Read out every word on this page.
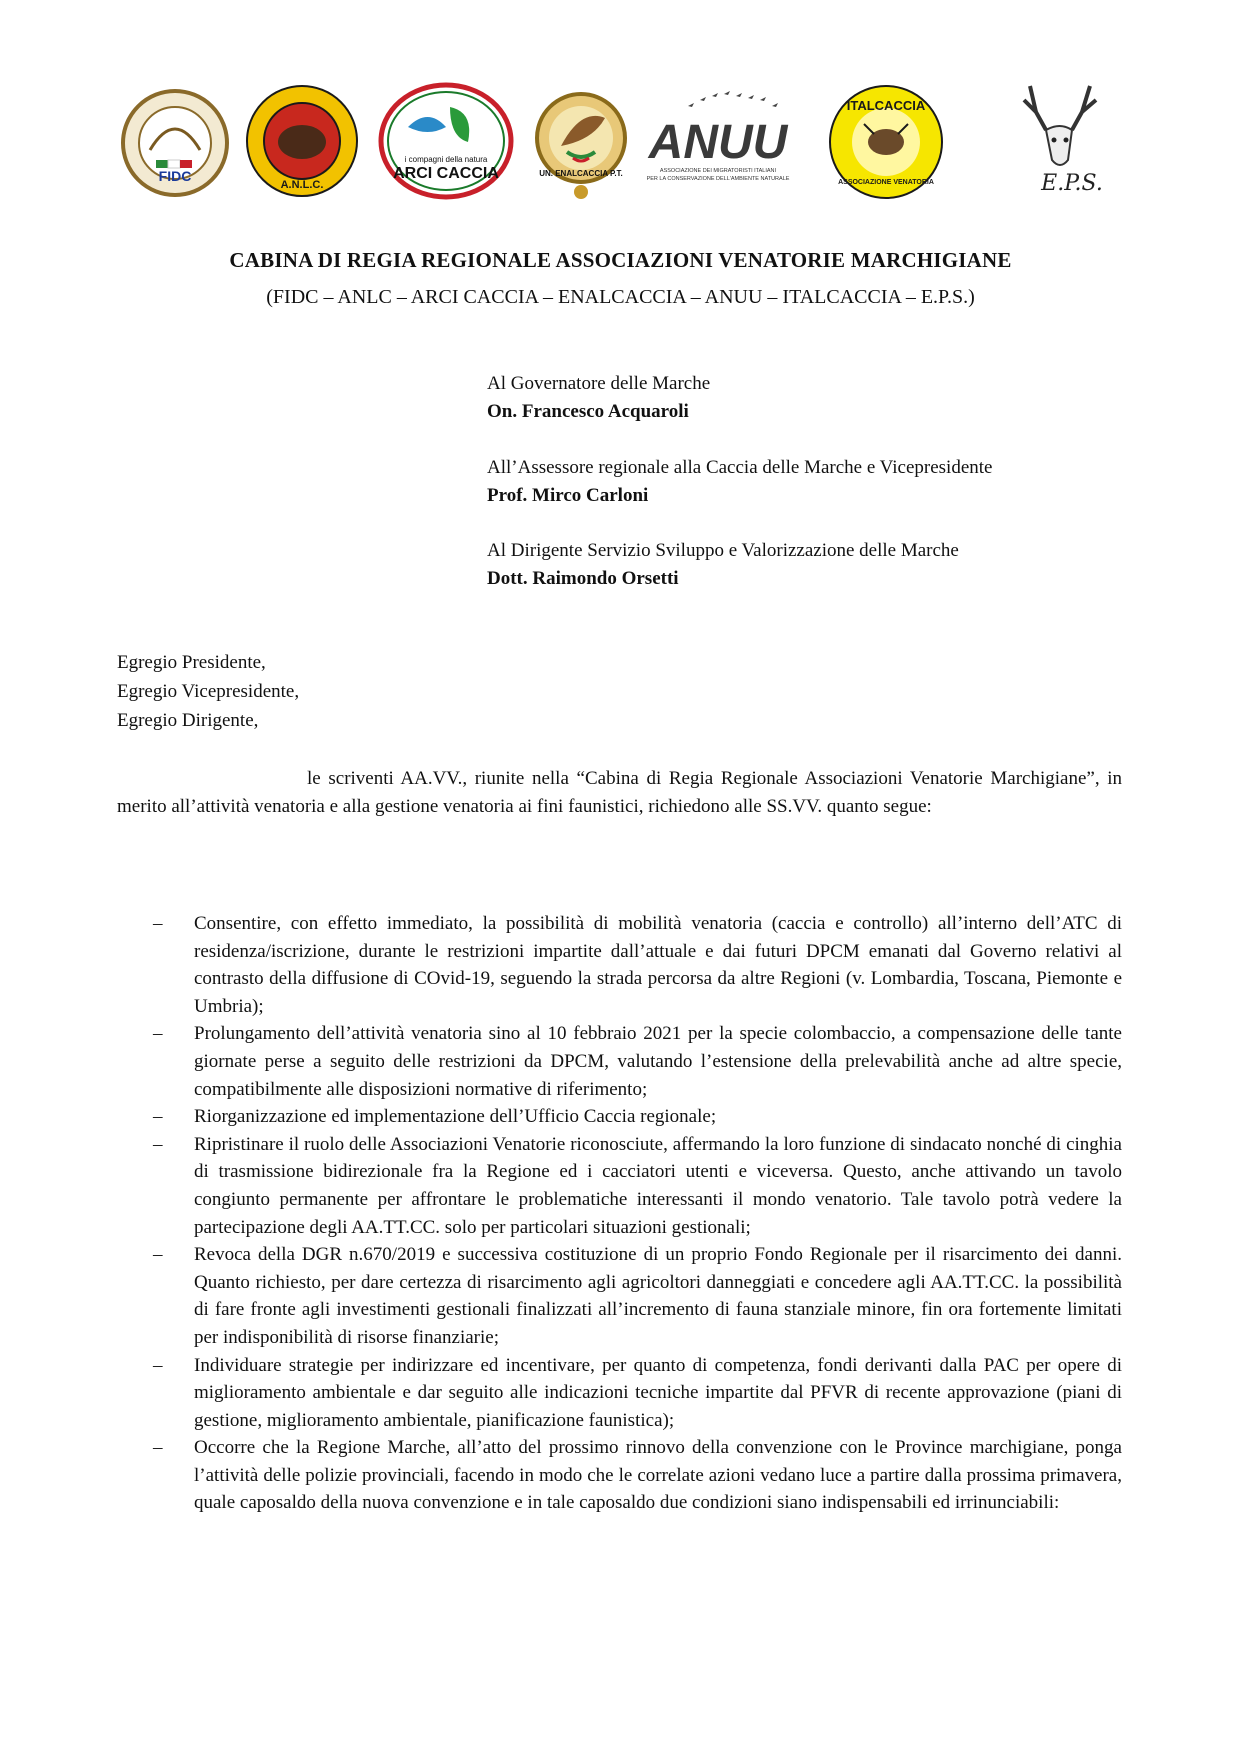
FIDC
A.N.L.C.
i compagni della natura
ARCI CACCIA	UN. ENALCACCIA P.T.
ANUU
ASSOCIAZIONE DEI MIGRATORISTI ITALIANI
PER LA CONSERVAZIONE DELL'AMBIENTE NATURALE
ITALCACCIA
ASSOCIAZIONE VENATORIA	E.P.S.
CABINA DI REGIA REGIONALE ASSOCIAZIONI VENATORIE MARCHIGIANE
(FIDC – ANLC – ARCI CACCIA – ENALCACCIA – ANUU – ITALCACCIA – E.P.S.)
Al Governatore delle Marche
On. Francesco Acquaroli
All’Assessore regionale alla Caccia delle Marche e Vicepresidente
Prof. Mirco Carloni
Al Dirigente Servizio Sviluppo e Valorizzazione delle Marche
Dott. Raimondo Orsetti
Egregio Presidente,
Egregio Vicepresidente,
Egregio Dirigente,
le scriventi AA.VV., riunite nella “Cabina di Regia Regionale Associazioni Venatorie Marchigiane”, in merito all’attività venatoria e alla gestione venatoria ai fini faunistici, richiedono alle SS.VV. quanto segue:
– Consentire, con effetto immediato, la possibilità di mobilità venatoria (caccia e controllo) all’interno dell’ATC di residenza/iscrizione, durante le restrizioni impartite dall’attuale e dai futuri DPCM emanati dal Governo relativi al contrasto della diffusione di COvid-19, seguendo la strada percorsa da altre Regioni (v. Lombardia, Toscana, Piemonte e Umbria);
– Prolungamento dell’attività venatoria sino al 10 febbraio 2021 per la specie colombaccio, a compensazione delle tante giornate perse a seguito delle restrizioni da DPCM, valutando l’estensione della prelevabilità anche ad altre specie, compatibilmente alle disposizioni normative di riferimento;
– Riorganizzazione ed implementazione dell’Ufficio Caccia regionale;
– Ripristinare il ruolo delle Associazioni Venatorie riconosciute, affermando la loro funzione di sindacato nonché di cinghia di trasmissione bidirezionale fra la Regione ed i cacciatori utenti e viceversa. Questo, anche attivando un tavolo congiunto permanente per affrontare le problematiche interessanti il mondo venatorio. Tale tavolo potrà vedere la partecipazione degli AA.TT.CC. solo per particolari situazioni gestionali;
– Revoca della DGR n.670/2019 e successiva costituzione di un proprio Fondo Regionale per il risarcimento dei danni. Quanto richiesto, per dare certezza di risarcimento agli agricoltori danneggiati e concedere agli AA.TT.CC. la possibilità di fare fronte agli investimenti gestionali finalizzati all’incremento di fauna stanziale minore, fin ora fortemente limitati per indisponibilità di risorse finanziarie;
– Individuare strategie per indirizzare ed incentivare, per quanto di competenza, fondi derivanti dalla PAC per opere di miglioramento ambientale e dar seguito alle indicazioni tecniche impartite dal PFVR di recente approvazione (piani di gestione, miglioramento ambientale, pianificazione faunistica);
– Occorre che la Regione Marche, all’atto del prossimo rinnovo della convenzione con le Province marchigiane, ponga l’attività delle polizie provinciali, facendo in modo che le correlate azioni vedano luce a partire dalla prossima primavera, quale caposaldo della nuova convenzione e in tale caposaldo due condizioni siano indispensabili ed irrinunciabili:
